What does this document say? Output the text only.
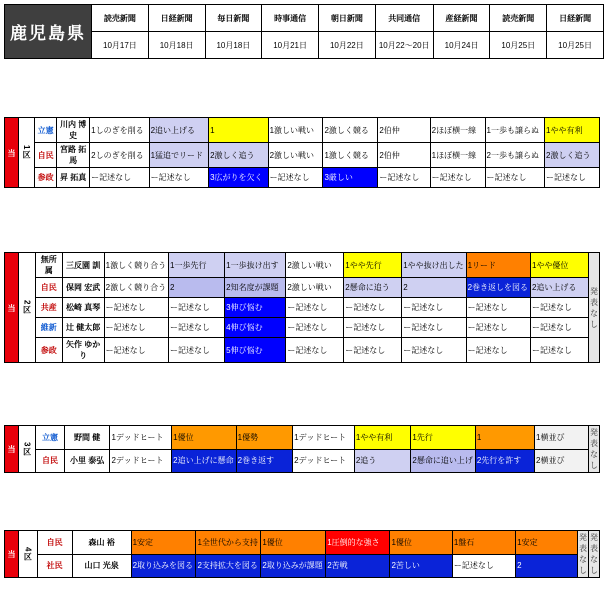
鹿児島県	読売新聞	日経新聞	毎日新聞	時事通信	朝日新聞	共同通信	産経新聞	読売新聞	日経新聞
	10月17日	10月18日	10月18日	10月21日	10月22日	10月22〜20日	10月24日	10月25日	10月25日
当	1区	立憲	川内 博史	1しのぎを削る	2追い上げる	1	1激しい戦い	2激しく競る	2伯仲	2ほぼ横一線	1一歩も譲らぬ	1やや有利
		自民	宮路 拓馬	2しのぎを削る	1猛追でリード	2激しく追う	2激しい戦い	1激しく競る	2伯仲	1ほぼ横一線	2一歩も譲らぬ	2激しく追う
		参政	昇 拓真	ー記述なし	ー記述なし	3広がりを欠く	ー記述なし	3厳しい	ー記述なし	ー記述なし	ー記述なし	ー記述なし
当	2区	無所属	三反園 訓	1激しく競り合う	1一歩先行	1一歩抜け出す	2激しい戦い	1やや先行	1やや抜け出した	1リード	1やや優位	発表なし
		自民	保岡 宏武	2激しく競り合う	2	2知名度が課題	2激しい戦い	2懸命に追う	2	2巻き返しを図る	2追い上げる	
		共産	松崎 真琴	ー記述なし	ー記述なし	3伸び悩む	ー記述なし	ー記述なし	ー記述なし	ー記述なし	ー記述なし	
		維新	辻 健太郎	ー記述なし	ー記述なし	4伸び悩む	ー記述なし	ー記述なし	ー記述なし	ー記述なし	ー記述なし	
		参政	矢作 ゆかり	ー記述なし	ー記述なし	5伸び悩む	ー記述なし	ー記述なし	ー記述なし	ー記述なし	ー記述なし	
当	3区	立憲	野間 健	1デッドヒート	1優位	1優勢	1デッドヒート	1やや有利	1先行	1	1横並び	発表なし
		自民	小里 泰弘	2デッドヒート	2追い上げに懸命	2巻き返す	2デッドヒート	2追う	2懸命に追い上げ	2先行を許す	2横並び	
当	4区	自民	森山 裕	1安定	1全世代から支持	1優位	1圧倒的な強さ	1優位	1盤石	1安定	発表なし	発表なし
		社民	山口 光泉	2取り込みを図る	2支持拡大を図る	2取り込みが課題	2苦戦	2苦しい	ー記述なし	2		
